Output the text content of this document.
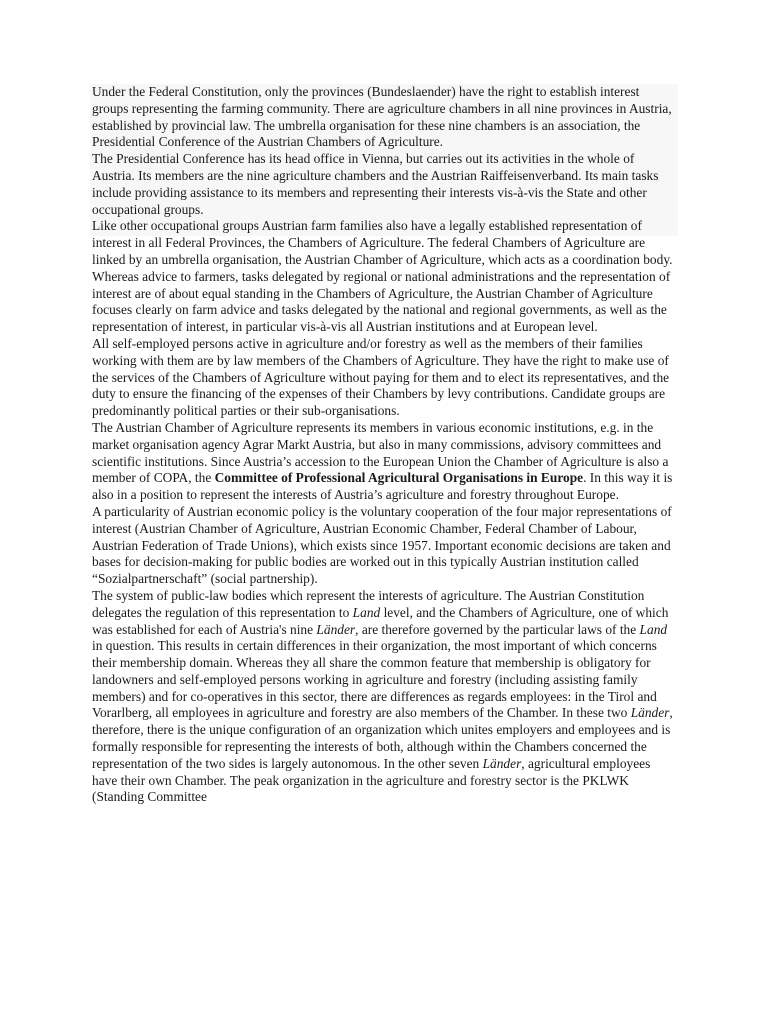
Under the Federal Constitution, only the provinces (Bundeslaender) have the right to establish interest groups representing the farming community. There are agriculture chambers in all nine provinces in Austria, established by provincial law. The umbrella organisation for these nine chambers is an association, the Presidential Conference of the Austrian Chambers of Agriculture.

The Presidential Conference has its head office in Vienna, but carries out its activities in the whole of Austria. Its members are the nine agriculture chambers and the Austrian Raiffeisenverband. Its main tasks include providing assistance to its members and representing their interests vis-à-vis the State and other occupational groups.

Like other occupational groups Austrian farm families also have a legally established representation of interest in all Federal Provinces, the Chambers of Agriculture. The federal Chambers of Agriculture are linked by an umbrella organisation, the Austrian Chamber of Agriculture, which acts as a coordination body.

Whereas advice to farmers, tasks delegated by regional or national administrations and the representation of interest are of about equal standing in the Chambers of Agriculture, the Austrian Chamber of Agriculture focuses clearly on farm advice and tasks delegated by the national and regional governments, as well as the representation of interest, in particular vis-à-vis all Austrian institutions and at European level.

All self-employed persons active in agriculture and/or forestry as well as the members of their families working with them are by law members of the Chambers of Agriculture. They have the right to make use of the services of the Chambers of Agriculture without paying for them and to elect its representatives, and the duty to ensure the financing of the expenses of their Chambers by levy contributions. Candidate groups are predominantly political parties or their sub-organisations.

The Austrian Chamber of Agriculture represents its members in various economic institutions, e.g. in the market organisation agency Agrar Markt Austria, but also in many commissions, advisory committees and scientific institutions. Since Austria’s accession to the European Union the Chamber of Agriculture is also a member of COPA, the Committee of Professional Agricultural Organisations in Europe. In this way it is also in a position to represent the interests of Austria’s agriculture and forestry throughout Europe.

A particularity of Austrian economic policy is the voluntary cooperation of the four major representations of interest (Austrian Chamber of Agriculture, Austrian Economic Chamber, Federal Chamber of Labour, Austrian Federation of Trade Unions), which exists since 1957. Important economic decisions are taken and bases for decision-making for public bodies are worked out in this typically Austrian institution called “Sozialpartnerschaft” (social partnership).

The system of public-law bodies which represent the interests of agriculture. The Austrian Constitution delegates the regulation of this representation to Land level, and the Chambers of Agriculture, one of which was established for each of Austria's nine Länder, are therefore governed by the particular laws of the Land in question. This results in certain differences in their organization, the most important of which concerns their membership domain. Whereas they all share the common feature that membership is obligatory for landowners and self-employed persons working in agriculture and forestry (including assisting family members) and for co-operatives in this sector, there are differences as regards employees: in the Tirol and Vorarlberg, all employees in agriculture and forestry are also members of the Chamber. In these two Länder, therefore, there is the unique configuration of an organization which unites employers and employees and is formally responsible for representing the interests of both, although within the Chambers concerned the representation of the two sides is largely autonomous. In the other seven Länder, agricultural employees have their own Chamber. The peak organization in the agriculture and forestry sector is the PKLWK (Standing Committee
